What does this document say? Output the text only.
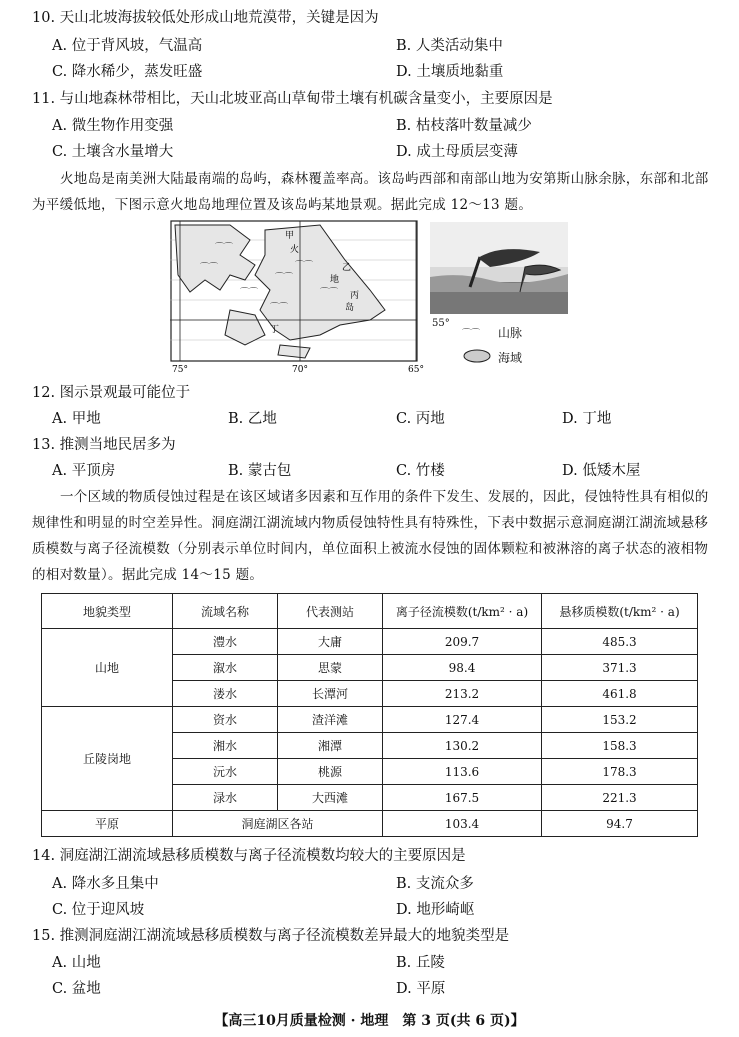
10. 天山北坡海拔较低处形成山地荒漠带，关键是因为
A. 位于背风坡，气温高	B. 人类活动集中
C. 降水稀少，蒸发旺盛	D. 土壤质地黏重
11. 与山地森林带相比，天山北坡亚高山草甸带土壤有机碳含量变小，主要原因是
A. 微生物作用变强	B. 枯枝落叶数量减少
C. 土壤含水量增大	D. 成土母质层变薄
火地岛是南美洲大陆最南端的岛屿，森林覆盖率高。该岛屿西部和南部山地为安第斯山脉余脉，东部和北部为平缓低地，下图示意火地岛地理位置及该岛屿某地景观。据此完成 12～13 题。
⌒⌒
⌒⌒
⌒⌒
⌒⌒
⌒⌒
⌒⌒
⌒⌒
甲
火
乙
地
丙
岛
丁
75°	70°	65°
55°
⌒⌒ 山脉
海域
12. 图示景观最可能位于
A. 甲地	B. 乙地	C. 丙地	D. 丁地
13. 推测当地民居多为
A. 平顶房	B. 蒙古包	C. 竹楼	D. 低矮木屋
一个区域的物质侵蚀过程是在该区域诸多因素和互作用的条件下发生、发展的，因此，侵蚀特性具有相似的规律性和明显的时空差异性。洞庭湖江湖流域内物质侵蚀特性具有特殊性，下表中数据示意洞庭湖江湖流域悬移质模数与离子径流模数（分别表示单位时间内，单位面积上被流水侵蚀的固体颗粒和被淋溶的离子状态的液相物的相对数量）。据此完成 14～15 题。
地貌类型	流域名称	代表测站	离子径流模数(t/km² · a)	悬移质模数(t/km² · a)
山地	澧水	大庸	209.7	485.3
	溆水	思蒙	98.4	371.3
	溇水	长潭河	213.2	461.8
丘陵岗地	资水	渣洋滩	127.4	153.2
	湘水	湘潭	130.2	158.3
	沅水	桃源	113.6	178.3
	渌水	大西滩	167.5	221.3
平原	洞庭湖区各站		103.4	94.7
14. 洞庭湖江湖流域悬移质模数与离子径流模数均较大的主要原因是
A. 降水多且集中	B. 支流众多
C. 位于迎风坡	D. 地形崎岖
15. 推测洞庭湖江湖流域悬移质模数与离子径流模数差异最大的地貌类型是
A. 山地	B. 丘陵
C. 盆地	D. 平原
【高三10月质量检测 · 地理　第 3 页(共 6 页)】
